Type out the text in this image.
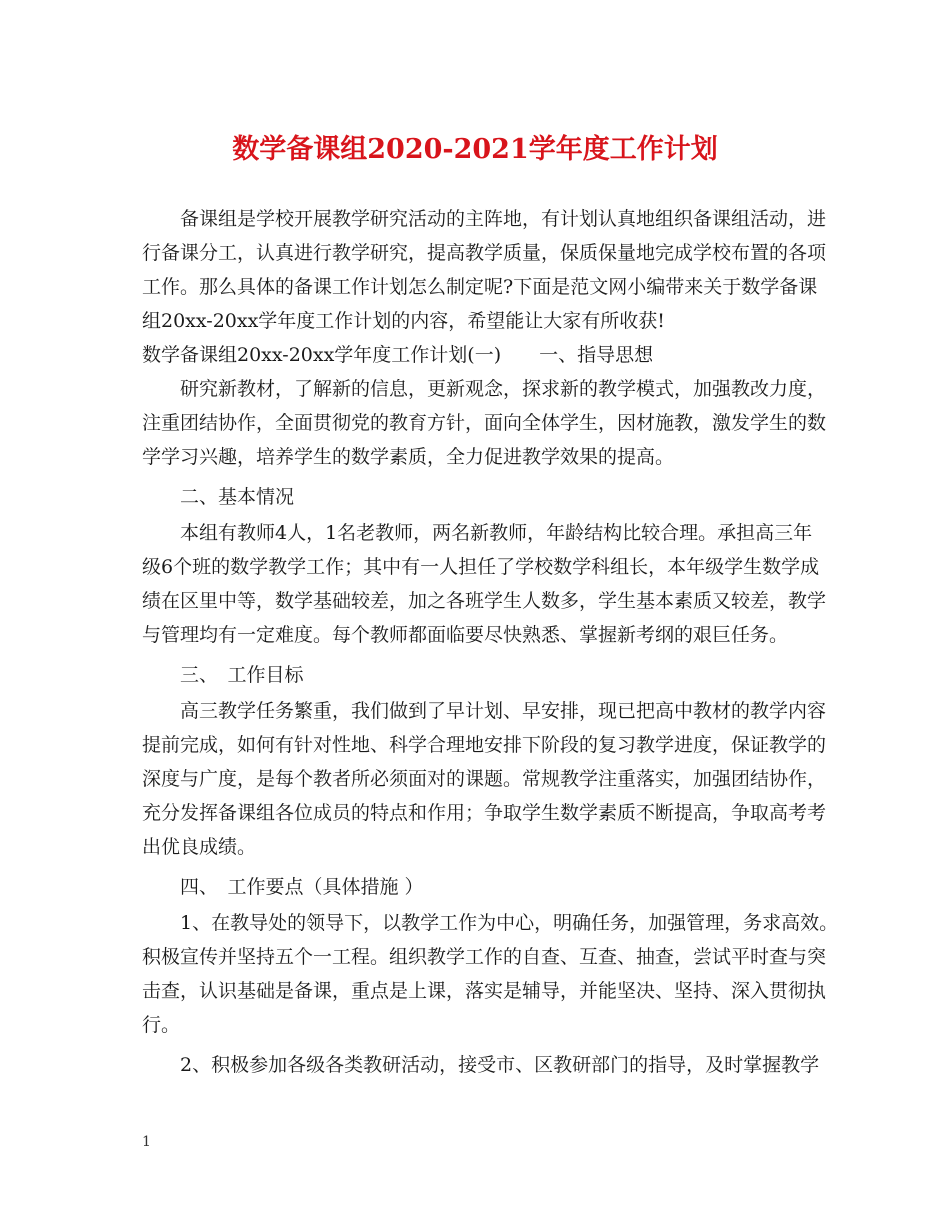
数学备课组2020-2021学年度工作计划
备课组是学校开展教学研究活动的主阵地，有计划认真地组织备课组活动，进
行备课分工，认真进行教学研究，提高教学质量，保质保量地完成学校布置的各项
工作。那么具体的备课工作计划怎么制定呢?下面是范文网小编带来关于数学备课
组20xx-20xx学年度工作计划的内容，希望能让大家有所收获!
数学备课组20xx-20xx学年度工作计划(一)　　一、指导思想
研究新教材，了解新的信息，更新观念，探求新的教学模式，加强教改力度，
注重团结协作，全面贯彻党的教育方针，面向全体学生，因材施教，激发学生的数
学学习兴趣，培养学生的数学素质，全力促进教学效果的提高。
二、基本情况
本组有教师4人，1名老教师，两名新教师，年龄结构比较合理。承担高三年
级6个班的数学教学工作；其中有一人担任了学校数学科组长，本年级学生数学成
绩在区里中等，数学基础较差，加之各班学生人数多，学生基本素质又较差，教学
与管理均有一定难度。每个教师都面临要尽快熟悉、掌握新考纲的艰巨任务。
三、　工作目标
高三教学任务繁重，我们做到了早计划、早安排，现已把高中教材的教学内容
提前完成，如何有针对性地、科学合理地安排下阶段的复习教学进度，保证教学的
深度与广度，是每个教者所必须面对的课题。常规教学注重落实，加强团结协作，
充分发挥备课组各位成员的特点和作用；争取学生数学素质不断提高，争取高考考
出优良成绩。
四、　工作要点（具体措施 ）
1、在教导处的领导下，以教学工作为中心，明确任务，加强管理，务求高效。
积极宣传并坚持五个一工程。组织教学工作的自查、互查、抽查，尝试平时查与突
击查，认识基础是备课，重点是上课，落实是辅导，并能坚决、坚持、深入贯彻执
行。
2、积极参加各级各类教研活动，接受市、区教研部门的指导，及时掌握教学
1
